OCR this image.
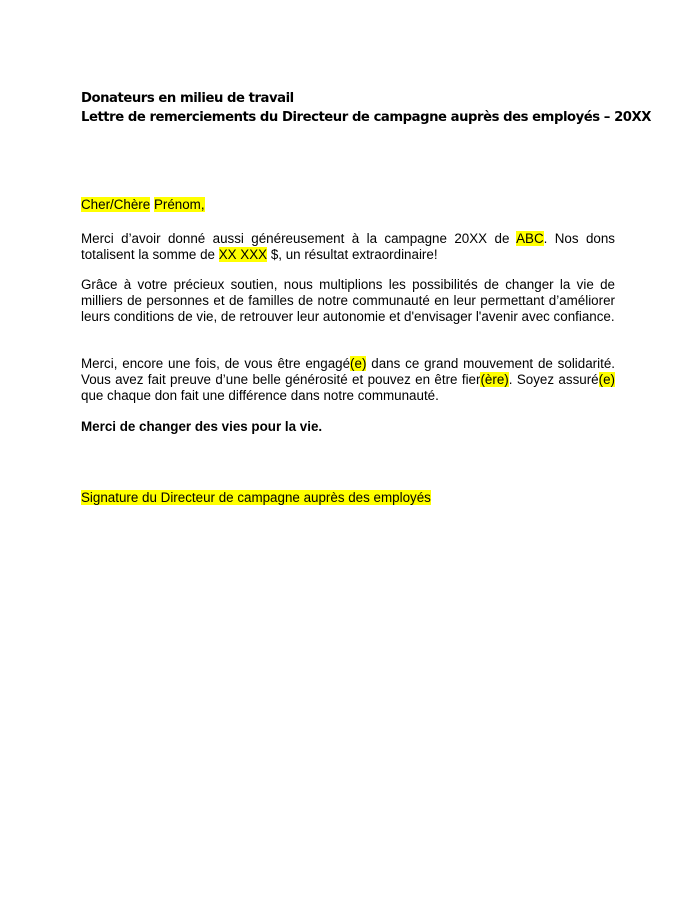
Donateurs en milieu de travail
Lettre de remerciements du Directeur de campagne auprès des employés – 20XX

Cher/Chère Prénom,

Merci d’avoir donné aussi généreusement à la campagne 20XX de ABC. Nos dons totalisent la somme de XX XXX $, un résultat extraordinaire!

Grâce à votre précieux soutien, nous multiplions les possibilités de changer la vie de milliers de personnes et de familles de notre communauté en leur permettant d’améliorer leurs conditions de vie, de retrouver leur autonomie et d'envisager l'avenir avec confiance.

Merci, encore une fois, de vous être engagé(e) dans ce grand mouvement de solidarité. Vous avez fait preuve d’une belle générosité et pouvez en être fier(ère). Soyez assuré(e) que chaque don fait une différence dans notre communauté.

Merci de changer des vies pour la vie.

Signature du Directeur de campagne auprès des employés
